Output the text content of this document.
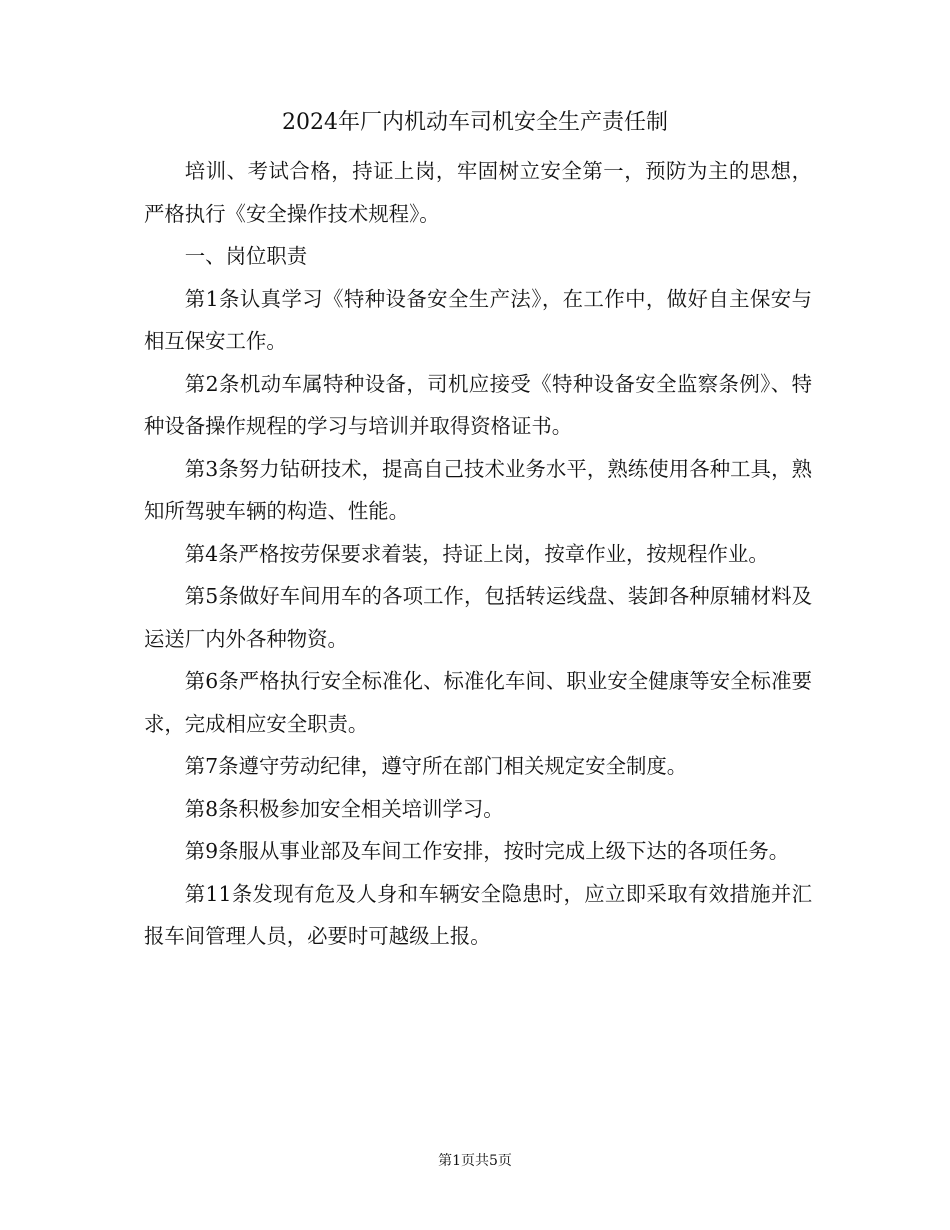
2024年厂内机动车司机安全生产责任制

培训、考试合格，持证上岗，牢固树立安全第一，预防为主的思想，严格执行《安全操作技术规程》。

一、岗位职责

第1条认真学习《特种设备安全生产法》，在工作中，做好自主保安与相互保安工作。

第2条机动车属特种设备，司机应接受《特种设备安全监察条例》、特种设备操作规程的学习与培训并取得资格证书。

第3条努力钻研技术，提高自己技术业务水平，熟练使用各种工具，熟知所驾驶车辆的构造、性能。

第4条严格按劳保要求着装，持证上岗，按章作业，按规程作业。

第5条做好车间用车的各项工作，包括转运线盘、装卸各种原辅材料及运送厂内外各种物资。

第6条严格执行安全标准化、标准化车间、职业安全健康等安全标准要求，完成相应安全职责。

第7条遵守劳动纪律，遵守所在部门相关规定安全制度。

第8条积极参加安全相关培训学习。

第9条服从事业部及车间工作安排，按时完成上级下达的各项任务。

第11条发现有危及人身和车辆安全隐患时，应立即采取有效措施并汇报车间管理人员，必要时可越级上报。

第1页共5页
